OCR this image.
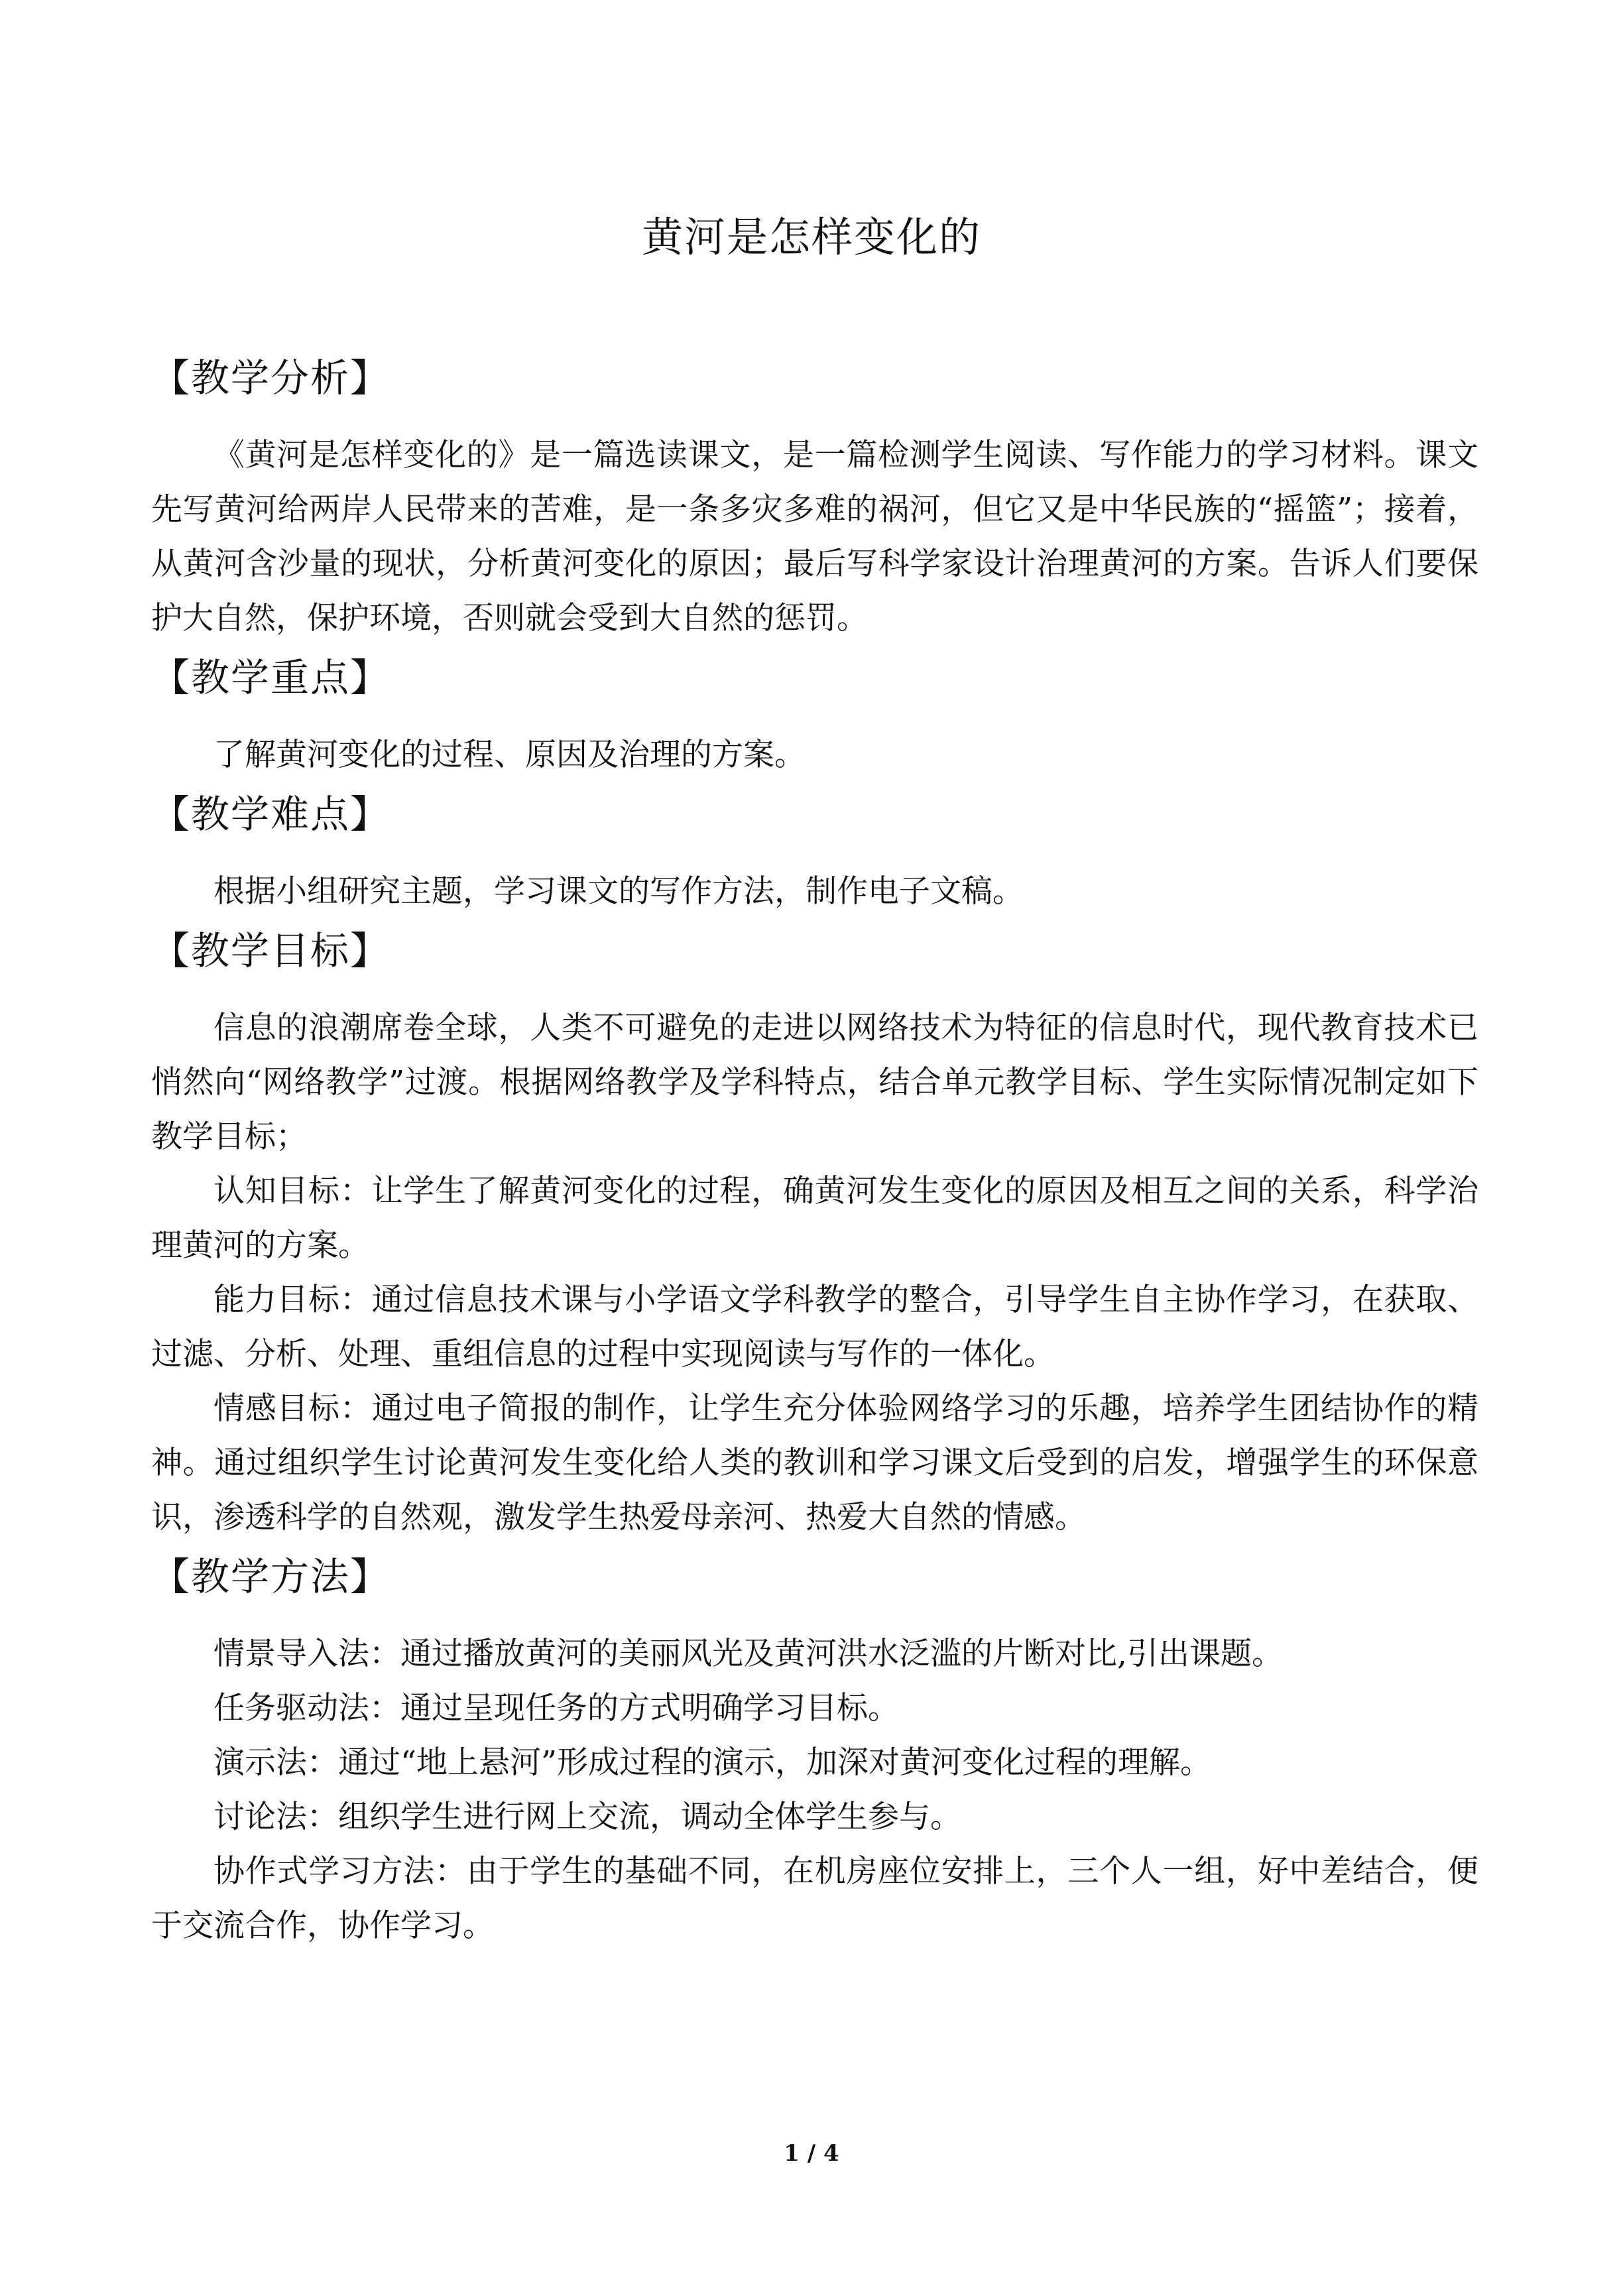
黄河是怎样变化的
【教学分析】

《黄河是怎样变化的》是一篇选读课文，是一篇检测学生阅读、写作能力的学习材料。课文先写黄河给两岸人民带来的苦难，是一条多灾多难的祸河，但它又是中华民族的“摇篮”；接着，从黄河含沙量的现状，分析黄河变化的原因；最后写科学家设计治理黄河的方案。告诉人们要保护大自然，保护环境，否则就会受到大自然的惩罚。

【教学重点】

了解黄河变化的过程、原因及治理的方案。

【教学难点】

根据小组研究主题，学习课文的写作方法，制作电子文稿。

【教学目标】

信息的浪潮席卷全球，人类不可避免的走进以网络技术为特征的信息时代，现代教育技术已悄然向“网络教学”过渡。根据网络教学及学科特点，结合单元教学目标、学生实际情况制定如下教学目标；

认知目标：让学生了解黄河变化的过程，确黄河发生变化的原因及相互之间的关系，科学治理黄河的方案。

能力目标：通过信息技术课与小学语文学科教学的整合，引导学生自主协作学习，在获取、过滤、分析、处理、重组信息的过程中实现阅读与写作的一体化。

情感目标：通过电子简报的制作，让学生充分体验网络学习的乐趣，培养学生团结协作的精神。通过组织学生讨论黄河发生变化给人类的教训和学习课文后受到的启发，增强学生的环保意识，渗透科学的自然观，激发学生热爱母亲河、热爱大自然的情感。

【教学方法】

情景导入法：通过播放黄河的美丽风光及黄河洪水泛滥的片断对比,引出课题。

任务驱动法：通过呈现任务的方式明确学习目标。

演示法：通过“地上悬河”形成过程的演示，加深对黄河变化过程的理解。

讨论法：组织学生进行网上交流，调动全体学生参与。

协作式学习方法：由于学生的基础不同，在机房座位安排上，三个人一组，好中差结合，便于交流合作，协作学习。

1 / 4
